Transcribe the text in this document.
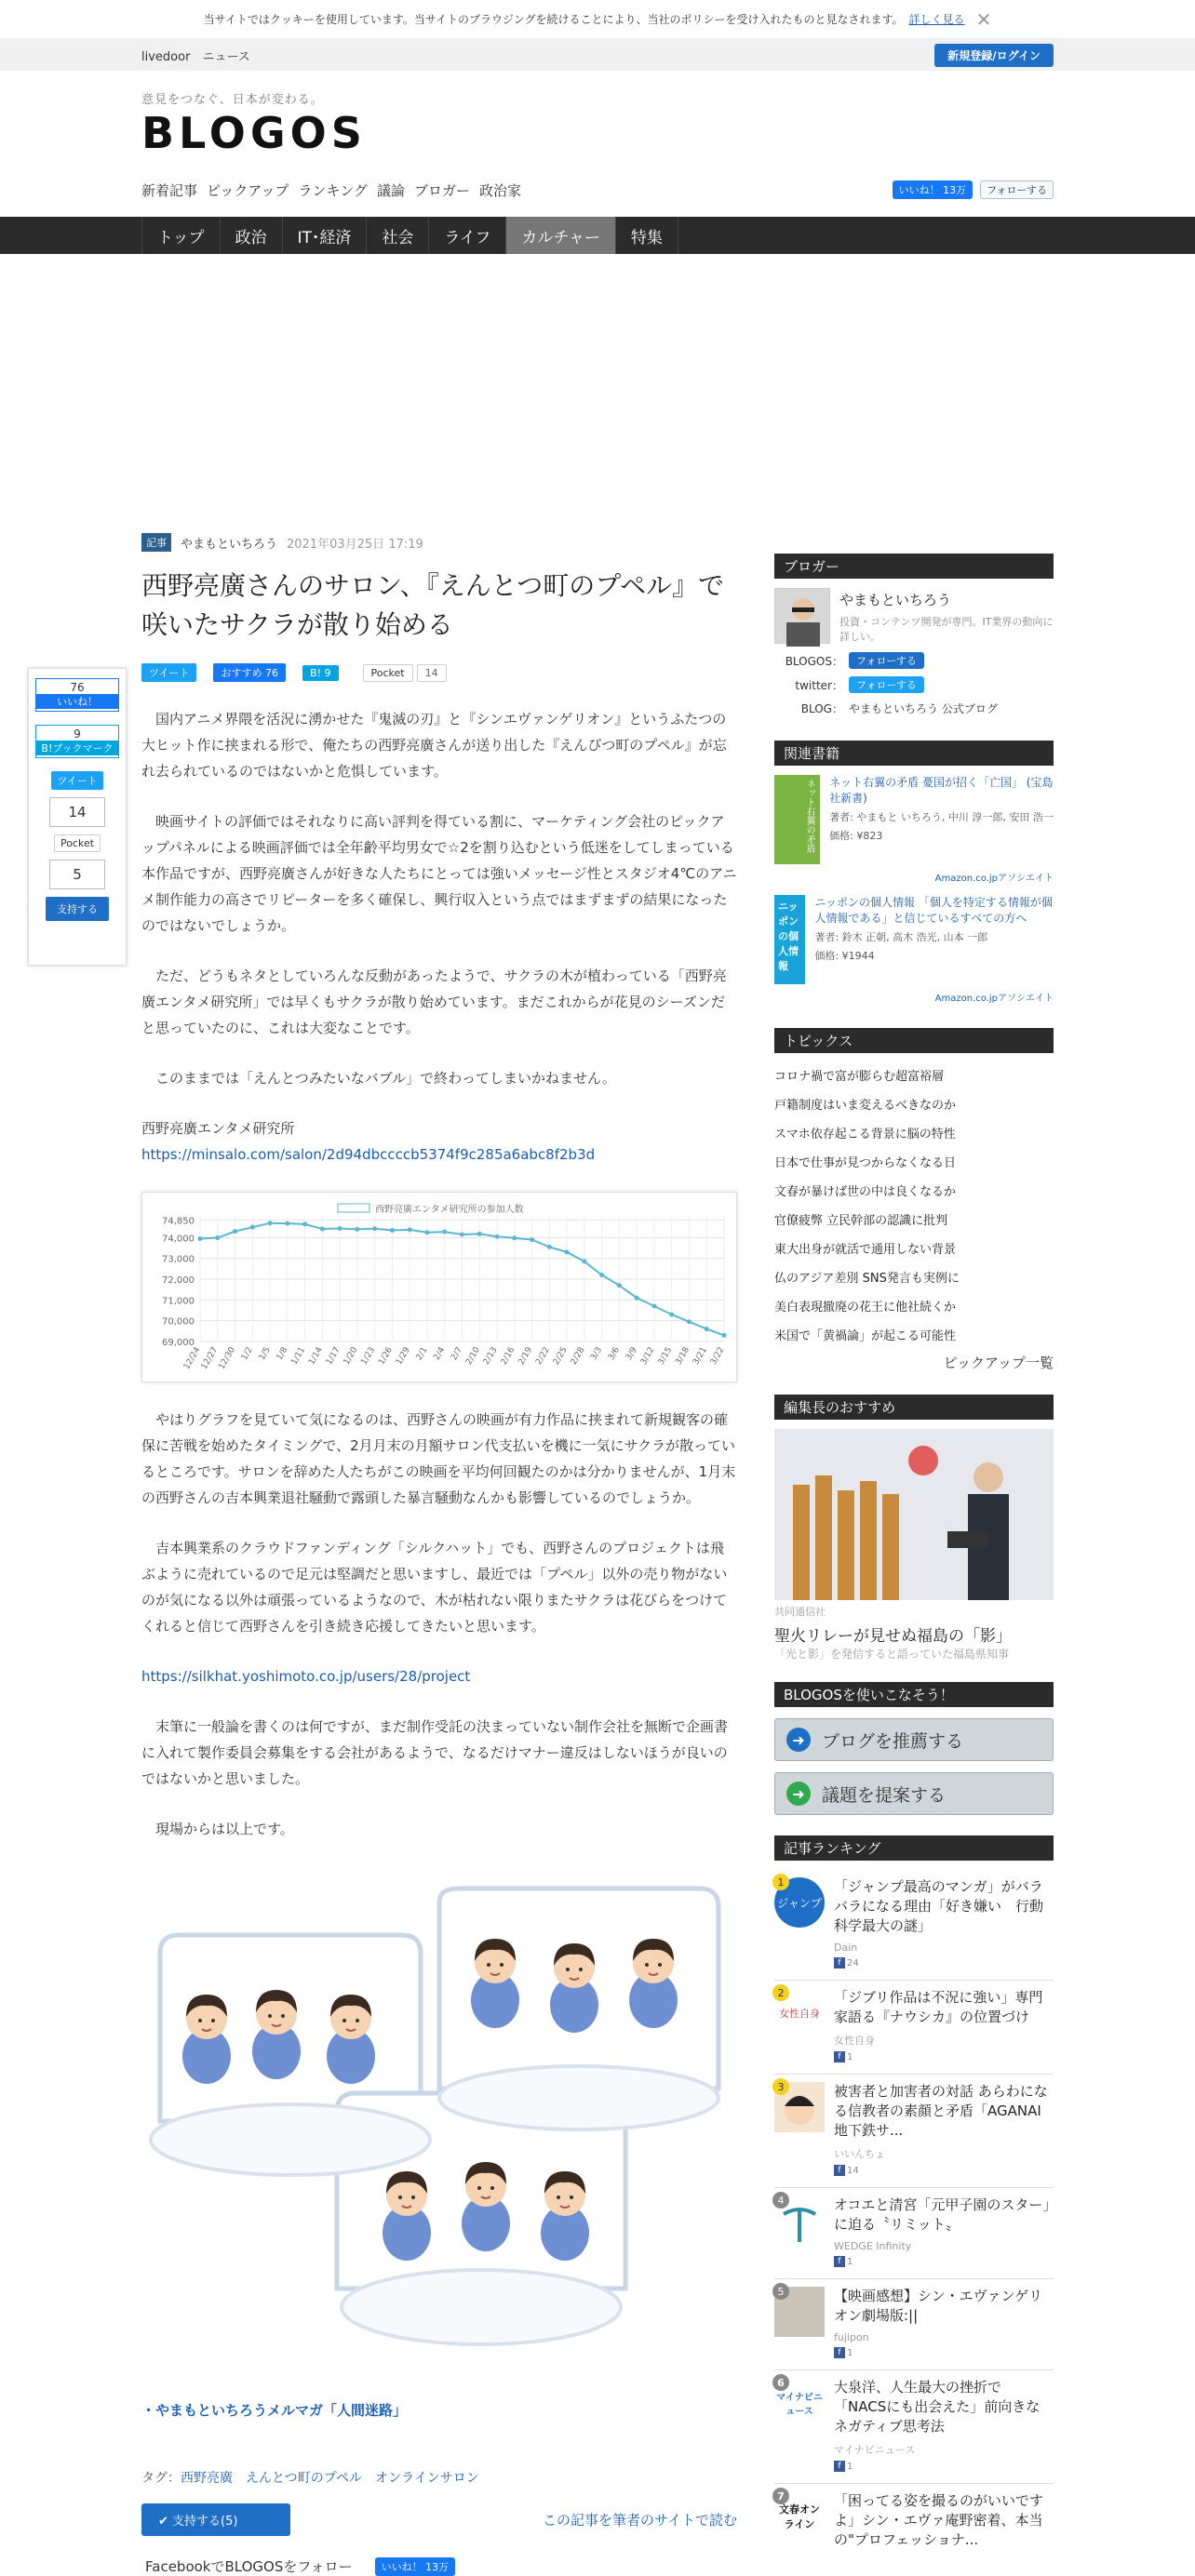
当サイトではクッキーを使用しています。当サイトのブラウジングを続けることにより、当社のポリシーを受け入れたものと見なされます。 詳しく見る ✕
livedoor　 ニュース	新規登録/ログイン
意見をつなぐ、日本が変わる。
BLOGOS
新着記事 ピックアップ ランキング 議論 ブロガー 政治家	いいね！ 13万	フォローする
トップ	政治	IT･経済	社会	ライフ	カルチャー	特集
76
いいね！
9
B!ブックマーク
ツイート
14
Pocket
5
支持する
記事	やまもといちろう 2021年03月25日 17:19
西野亮廣さんのサロン、『えんとつ町のプペル』で咲いたサクラが散り始める
ツイート	おすすめ 76	B! 9	Pocket	14

国内アニメ界隈を活況に湧かせた『鬼滅の刃』と『シンエヴァンゲリオン』というふたつの大ヒット作に挟まれる形で、俺たちの西野亮廣さんが送り出した『えんぴつ町のプペル』が忘れ去られているのではないかと危惧しています。

映画サイトの評価ではそれなりに高い評判を得ている割に、マーケティング会社のピックアップパネルによる映画評価では全年齢平均男女で☆2を割り込むという低迷をしてしまっている本作品ですが、西野亮廣さんが好きな人たちにとっては強いメッセージ性とスタジオ4℃のアニメ制作能力の高さでリピーターを多く確保し、興行収入という点ではまずまずの結果になったのではないでしょうか。

ただ、どうもネタとしていろんな反動があったようで、サクラの木が植わっている「西野亮廣エンタメ研究所」では早くもサクラが散り始めています。まだこれからが花見のシーズンだと思っていたのに、これは大変なことです。

このままでは「えんとつみたいなバブル」で終わってしまいかねません。

西野亮廣エンタメ研究所
https://minsalo.com/salon/2d94dbccccb5374f9c285a6abc8f2b3d

69,000
70,000
71,000
72,000
73,000
74,000
74,850
12/24
12/27
12/30 1/2 1/5 1/8 1/11 1/14 1/17 1/20 1/23 1/26 1/29 2/1 2/4 2/7 2/10 2/13 2/16 2/19 2/22 2/25 2/28 3/3 3/6 3/9 3/12 3/15 3/18 3/21 3/22
西野亮廣エンタメ研究所の参加人数

やはりグラフを見ていて気になるのは、西野さんの映画が有力作品に挟まれて新規観客の確保に苦戦を始めたタイミングで、2月月末の月額サロン代支払いを機に一気にサクラが散っているところです。サロンを辞めた人たちがこの映画を平均何回観たのかは分かりませんが、1月末の西野さんの吉本興業退社騒動で露頭した暴言騒動なんかも影響しているのでしょうか。

吉本興業系のクラウドファンディング「シルクハット」でも、西野さんのプロジェクトは飛ぶように売れているので足元は堅調だと思いますし、最近では「プペル」以外の売り物がないのが気になる以外は頑張っているようなので、木が枯れない限りまたサクラは花びらをつけてくれると信じて西野さんを引き続き応援してきたいと思います。

https://silkhat.yoshimoto.co.jp/users/28/project

末筆に一般論を書くのは何ですが、まだ制作受託の決まっていない制作会社を無断で企画書に入れて製作委員会募集をする会社があるようで、なるだけマナー違反はしないほうが良いのではないかと思いました。

現場からは以上です。

・やまもといちろうメルマガ「人間迷路」
タグ：西野亮廣 えんとつ町のプペル オンラインサロン
✔ 支持する(5)	この記事を筆者のサイトで読む
FacebookでBLOGOSをフォロー	いいね！ 13万
ブロガー
やまもといちろう
投資・コンテンツ開発が専門。IT業界の動向に詳しい。
BLOGOS：	フォローする
twitter：	フォローする
BLOG： やまもといちろう 公式ブログ
関連書籍
ネット右翼の矛盾	ネット右翼の矛盾 憂国が招く「亡国」 (宝島社新書)
著者: やまもと いちろう, 中川 淳一郎, 安田 浩一
価格: ¥823
Amazon.co.jpアソシエイト
ニッポンの個人情報
ニッポンの個人情報 「個人を特定する情報が個人情報である」と信じているすべての方へ
著者: 鈴木 正朝, 高木 浩光, 山本 一郎
価格: ¥1944
Amazon.co.jpアソシエイト
トピックス
コロナ禍で富が膨らむ超富裕層
戸籍制度はいま変えるべきなのか
スマホ依存起こる背景に脳の特性
日本で仕事が見つからなくなる日
文春が暴けば世の中は良くなるか
官僚疲弊 立民幹部の認識に批判
東大出身が就活で通用しない背景
仏のアジア差別 SNS発言も実例に
美白表現撤廃の花王に他社続くか
米国で「黄禍論」が起こる可能性
ピックアップ一覧
編集長のおすすめ
共同通信社
聖火リレーが見せぬ福島の「影」
「光と影」を発信すると語っていた福島県知事
BLOGOSを使いこなそう！
➜ ブログを推薦する
➜ 議題を提案する
記事ランキング
1
ジャンプ
「ジャンプ最高のマンガ」がバラバラになる理由「好き嫌い　行動科学最大の謎」
Dain
f 24
2
女性自身
「ジブリ作品は不況に強い」専門家語る『ナウシカ』の位置づけ
女性自身
f 1
3	被害者と加害者の対話 あらわになる信教者の素顔と矛盾「AGANAI　地下鉄サ...
いいんちょ
f 14
4	オコエと清宮「元甲子園のスター」に迫る〝リミット〟
WEDGE Infinity
f 1
5	【映画感想】シン・エヴァンゲリオン劇場版:||
fujipon
f 1
6
マイナビニュース
大泉洋、人生最大の挫折で「NACSにも出会えた」前向きなネガティブ思考法
マイナビニュース
f 1
7
文春オンライン
「困ってる姿を撮るのがいいですよ」シン・エヴァ庵野密着、本当の"プロフェッショナ...
